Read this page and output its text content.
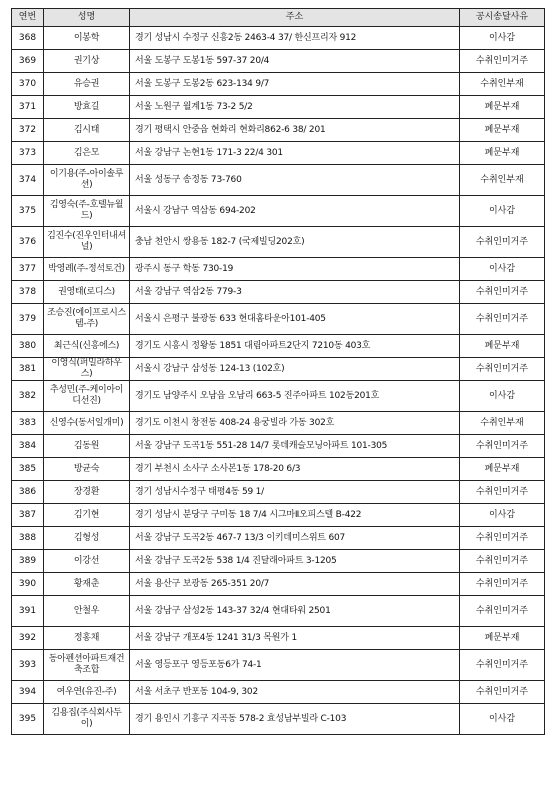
연번	성명	주소	공시송달사유
368	이봉학	경기 성남시 수정구 신흥2동 2463-4 37/ 한신프리자 912	이사감
369	권기상	서울 도봉구 도봉1동 597-37 20/4	수취인미거주
370	유승권	서울 도봉구 도봉2동 623-134 9/7	수취인부재
371	방효길	서울 노원구 월계1동 73-2 5/2	폐문부재
372	김시태	경기 평택시 안중읍 현화리 현화리862-6 38/ 201	폐문부재
373	김은모	서울 강남구 논현1동 171-3 22/4 301	폐문부재
374	이기용(주-아이솔루션)	서울 성동구 송정동 73-760	수취인부재
375	김영숙(주-호텔뉴월드)	서울시 강남구 역삼동 694-202	이사감
376	김진수(진우인터내셔널)	충남 천안시 쌍용동 182-7 (국제빌딩202호)	수취인미거주
377	박영례(주-정석토건)	광주시 동구 학동 730-19	이사감
378	권영태(로디스)	서울 강남구 역삼2동 779-3	수취인미거주
379	조승진(에이프로시스템-주)	서울시 은평구 불광동 633 현대홈타운아101-405	수취인미거주
380	최근식(신흥에스)	경기도 시흥시 정왕동 1851 대림아파트2단지 7210동 403호	폐문부재
381	이영식(퍼밀라하우스)	서울시 강남구 삼성동 124-13 (102호)	수취인미거주
382	추성민(주-케이아이디선진)	경기도 남양주시 오남읍 오남리 663-5 진주아파트 102동201호	이사감
383	신영수(동서일개미)	경기도 이천시 창전동 408-24 용궁빌라 가동 302호	수취인부재
384	김동원	서울 강남구 도곡1동 551-28 14/7 롯데캐슬모닝아파트 101-305	수취인미거주
385	방균숙	경기 부천시 소사구 소사본1동 178-20 6/3	폐문부재
386	장경환	경기 성남시수정구 태평4동 59 1/	수취인미거주
387	김기현	경기 성남시 분당구 구미동 18 7/4 시그마Ⅱ오피스텔 B-422	이사감
388	김형성	서울 강남구 도곡2동 467-7 13/3 이키데미스위트 607	수취인미거주
389	이강선	서울 강남구 도곡2동 538 1/4 진달래아파트 3-1205	수취인미거주
390	황재춘	서울 용산구 보광동 265-351 20/7	수취인미거주
391	안철우	서울 강남구 삼성2동 143-37 32/4 현대타워 2501	수취인미거주
392	정홍채	서울 강남구 개포4동 1241 31/3 목원가 1	폐문부재
393	동아펜션아파트재건축조합	서울 영등포구 영등포동6가 74-1	수취인미거주
394	여우연(유진-주)	서울 서초구 반포동 104-9, 302	수취인미거주
395	김용집(주식회사두이)	경기 용인시 기흥구 지곡동 578-2 효성남부빌라 C-103	이사감
